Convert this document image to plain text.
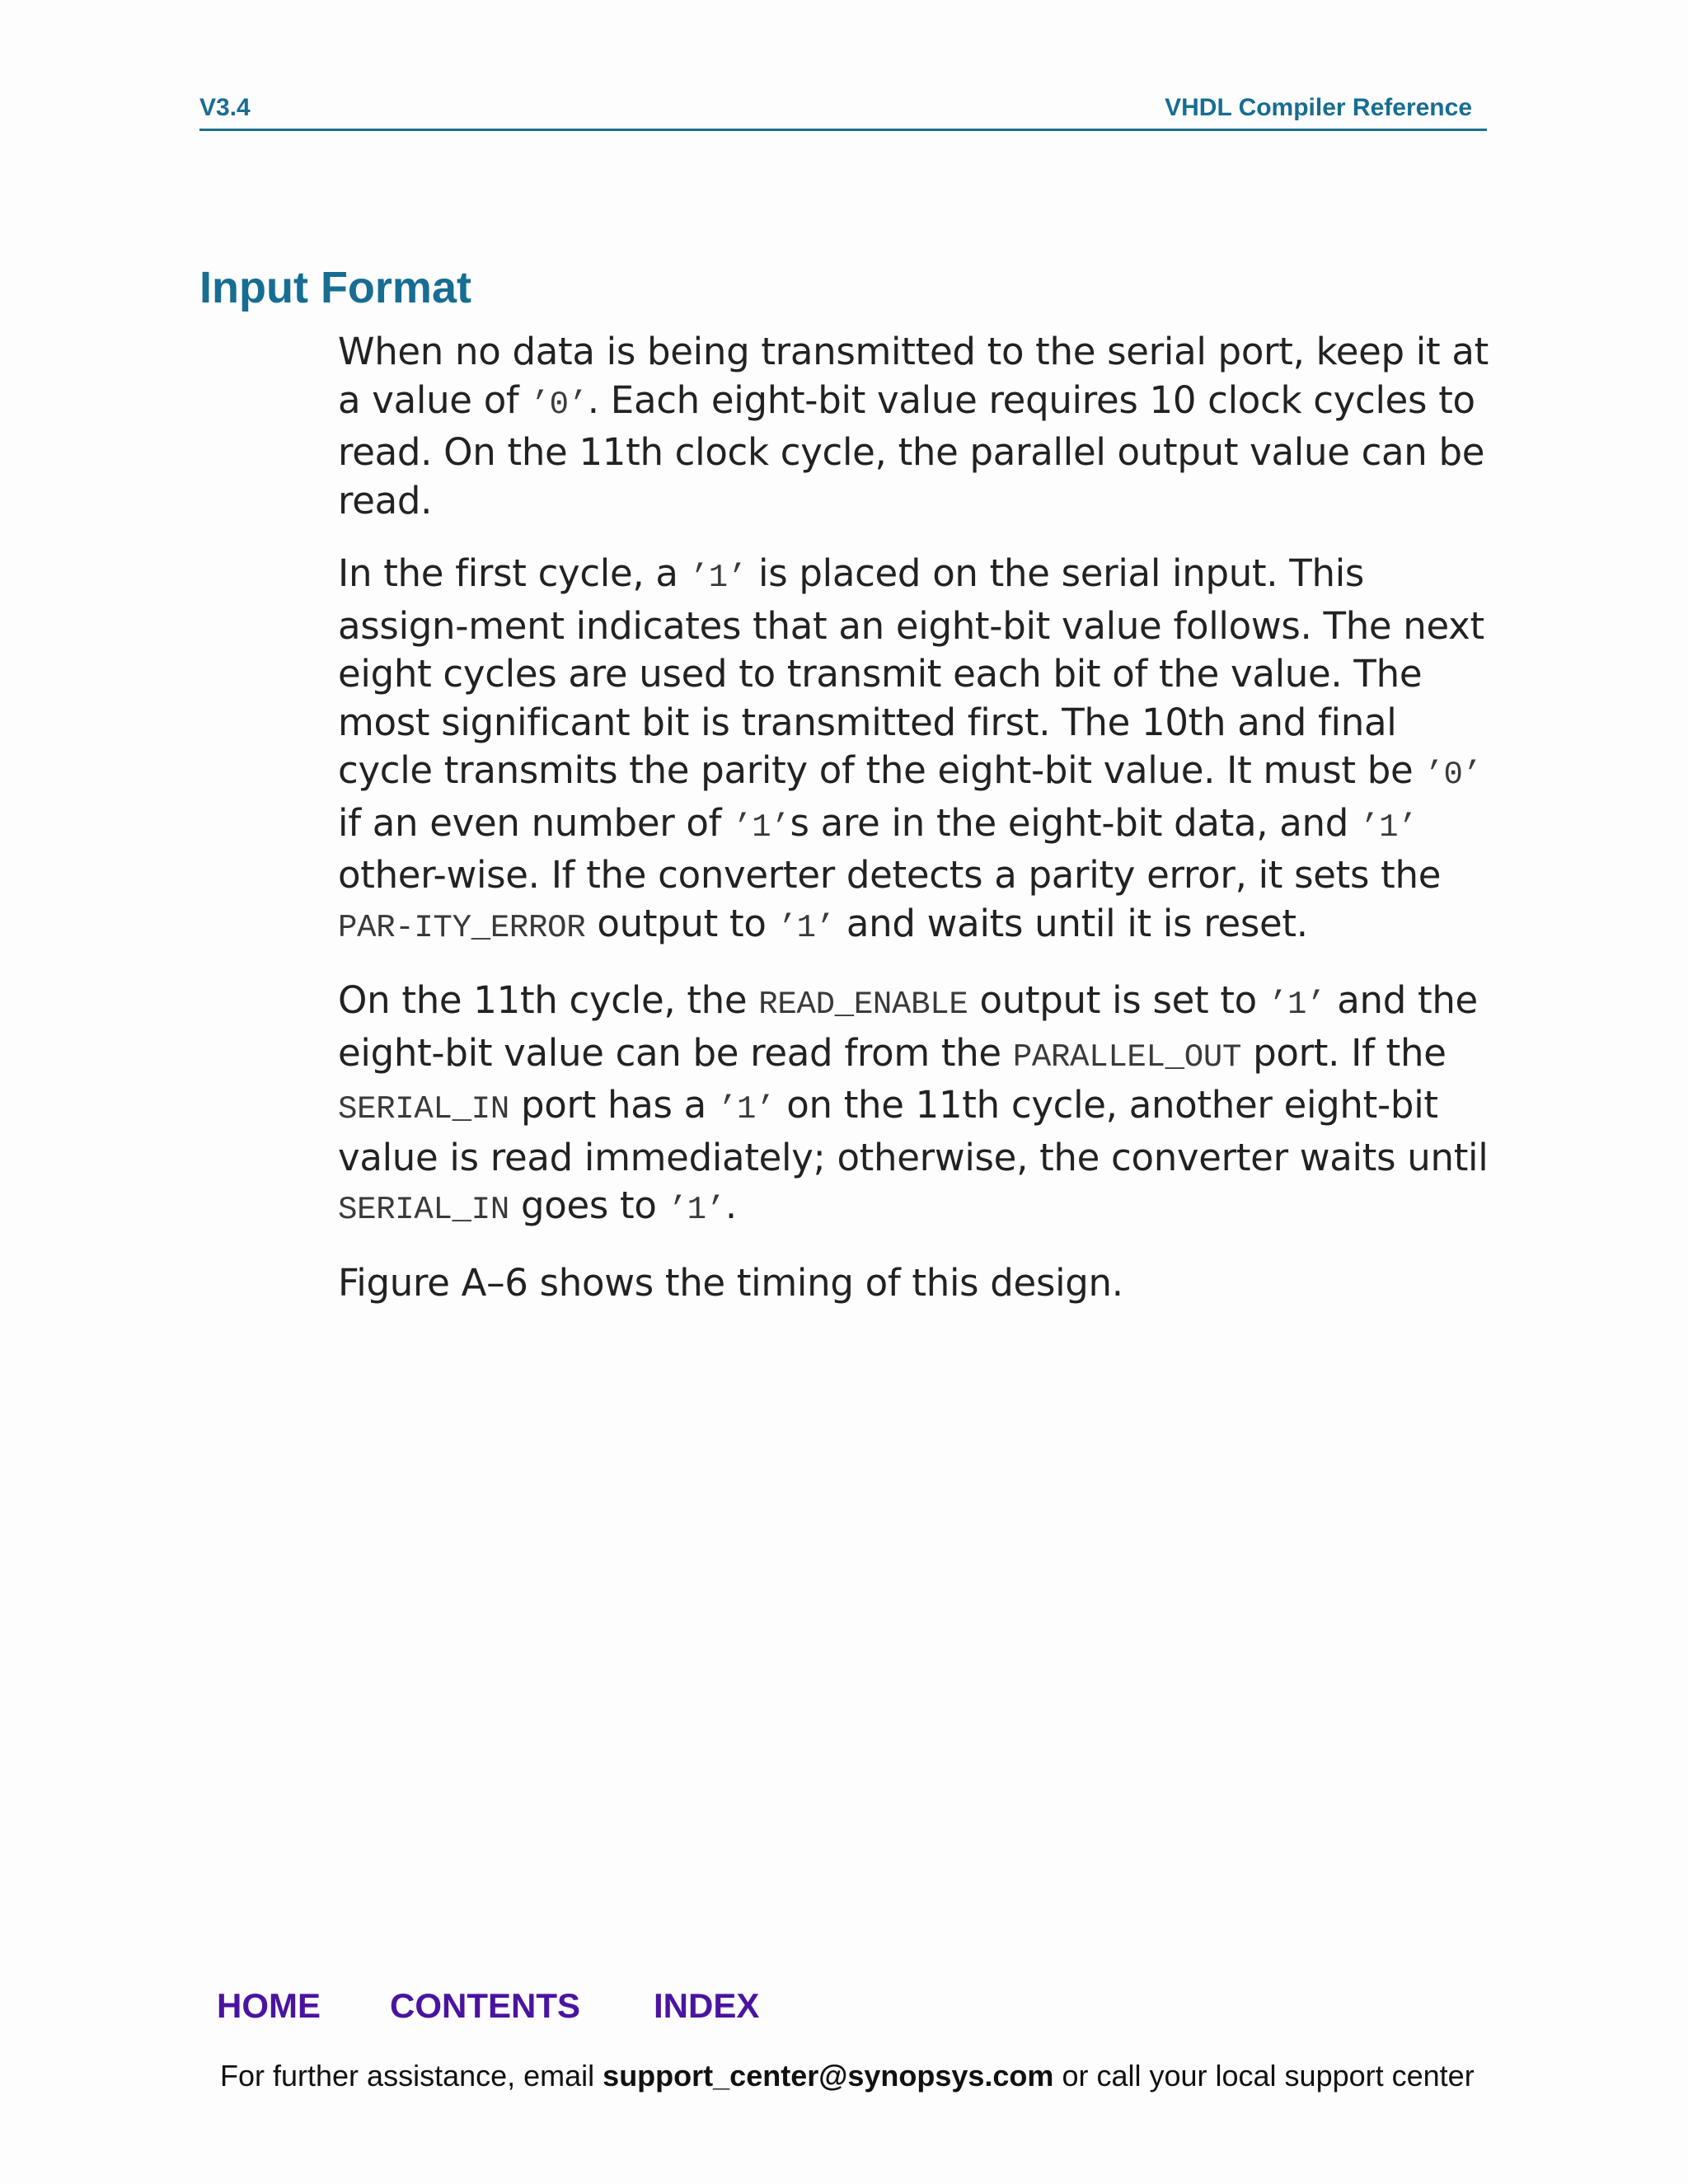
V3.4	VHDL Compiler Reference
Input Format

When no data is being transmitted to the serial port, keep it at a value of ’0’. Each eight-bit value requires 10 clock cycles to read. On the 11th clock cycle, the parallel output value can be read.

In the first cycle, a ’1’ is placed on the serial input. This assign-ment indicates that an eight-bit value follows. The next eight cycles are used to transmit each bit of the value. The most significant bit is transmitted first. The 10th and final cycle transmits the parity of the eight-bit value. It must be ’0’ if an even number of ’1’s are in the eight-bit data, and ’1’ other-wise. If the converter detects a parity error, it sets the PAR-ITY_ERROR output to ’1’ and waits until it is reset.

On the 11th cycle, the READ_ENABLE output is set to ’1’ and the eight-bit value can be read from the PARALLEL_OUT port. If the SERIAL_IN port has a ’1’ on the 11th cycle, another eight-bit value is read immediately; otherwise, the converter waits until SERIAL_IN goes to ’1’.

Figure A–6 shows the timing of this design.

HOME CONTENTS INDEX
For further assistance, email support_center@synopsys.com or call your local support center
